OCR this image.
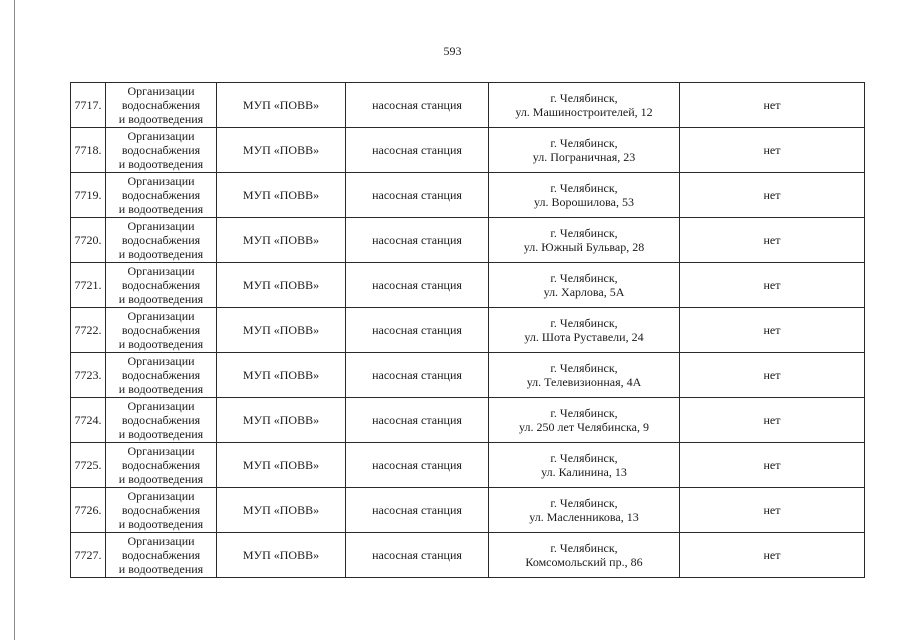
593
7717.	Организации
водоснабжения
и водоотведения	МУП «ПОВВ»	насосная станция	г. Челябинск,
ул. Машиностроителей, 12	нет
7718.	Организации
водоснабжения
и водоотведения	МУП «ПОВВ»	насосная станция	г. Челябинск,
ул. Пограничная, 23	нет
7719.	Организации
водоснабжения
и водоотведения	МУП «ПОВВ»	насосная станция	г. Челябинск,
ул. Ворошилова, 53	нет
7720.	Организации
водоснабжения
и водоотведения	МУП «ПОВВ»	насосная станция	г. Челябинск,
ул. Южный Бульвар, 28	нет
7721.	Организации
водоснабжения
и водоотведения	МУП «ПОВВ»	насосная станция	г. Челябинск,
ул. Харлова, 5А	нет
7722.	Организации
водоснабжения
и водоотведения	МУП «ПОВВ»	насосная станция	г. Челябинск,
ул. Шота Руставели, 24	нет
7723.	Организации
водоснабжения
и водоотведения	МУП «ПОВВ»	насосная станция	г. Челябинск,
ул. Телевизионная, 4А	нет
7724.	Организации
водоснабжения
и водоотведения	МУП «ПОВВ»	насосная станция	г. Челябинск,
ул. 250 лет Челябинска, 9	нет
7725.	Организации
водоснабжения
и водоотведения	МУП «ПОВВ»	насосная станция	г. Челябинск,
ул. Калинина, 13	нет
7726.	Организации
водоснабжения
и водоотведения	МУП «ПОВВ»	насосная станция	г. Челябинск,
ул. Масленникова, 13	нет
7727.	Организации
водоснабжения
и водоотведения	МУП «ПОВВ»	насосная станция	г. Челябинск,
Комсомольский пр., 86	нет
